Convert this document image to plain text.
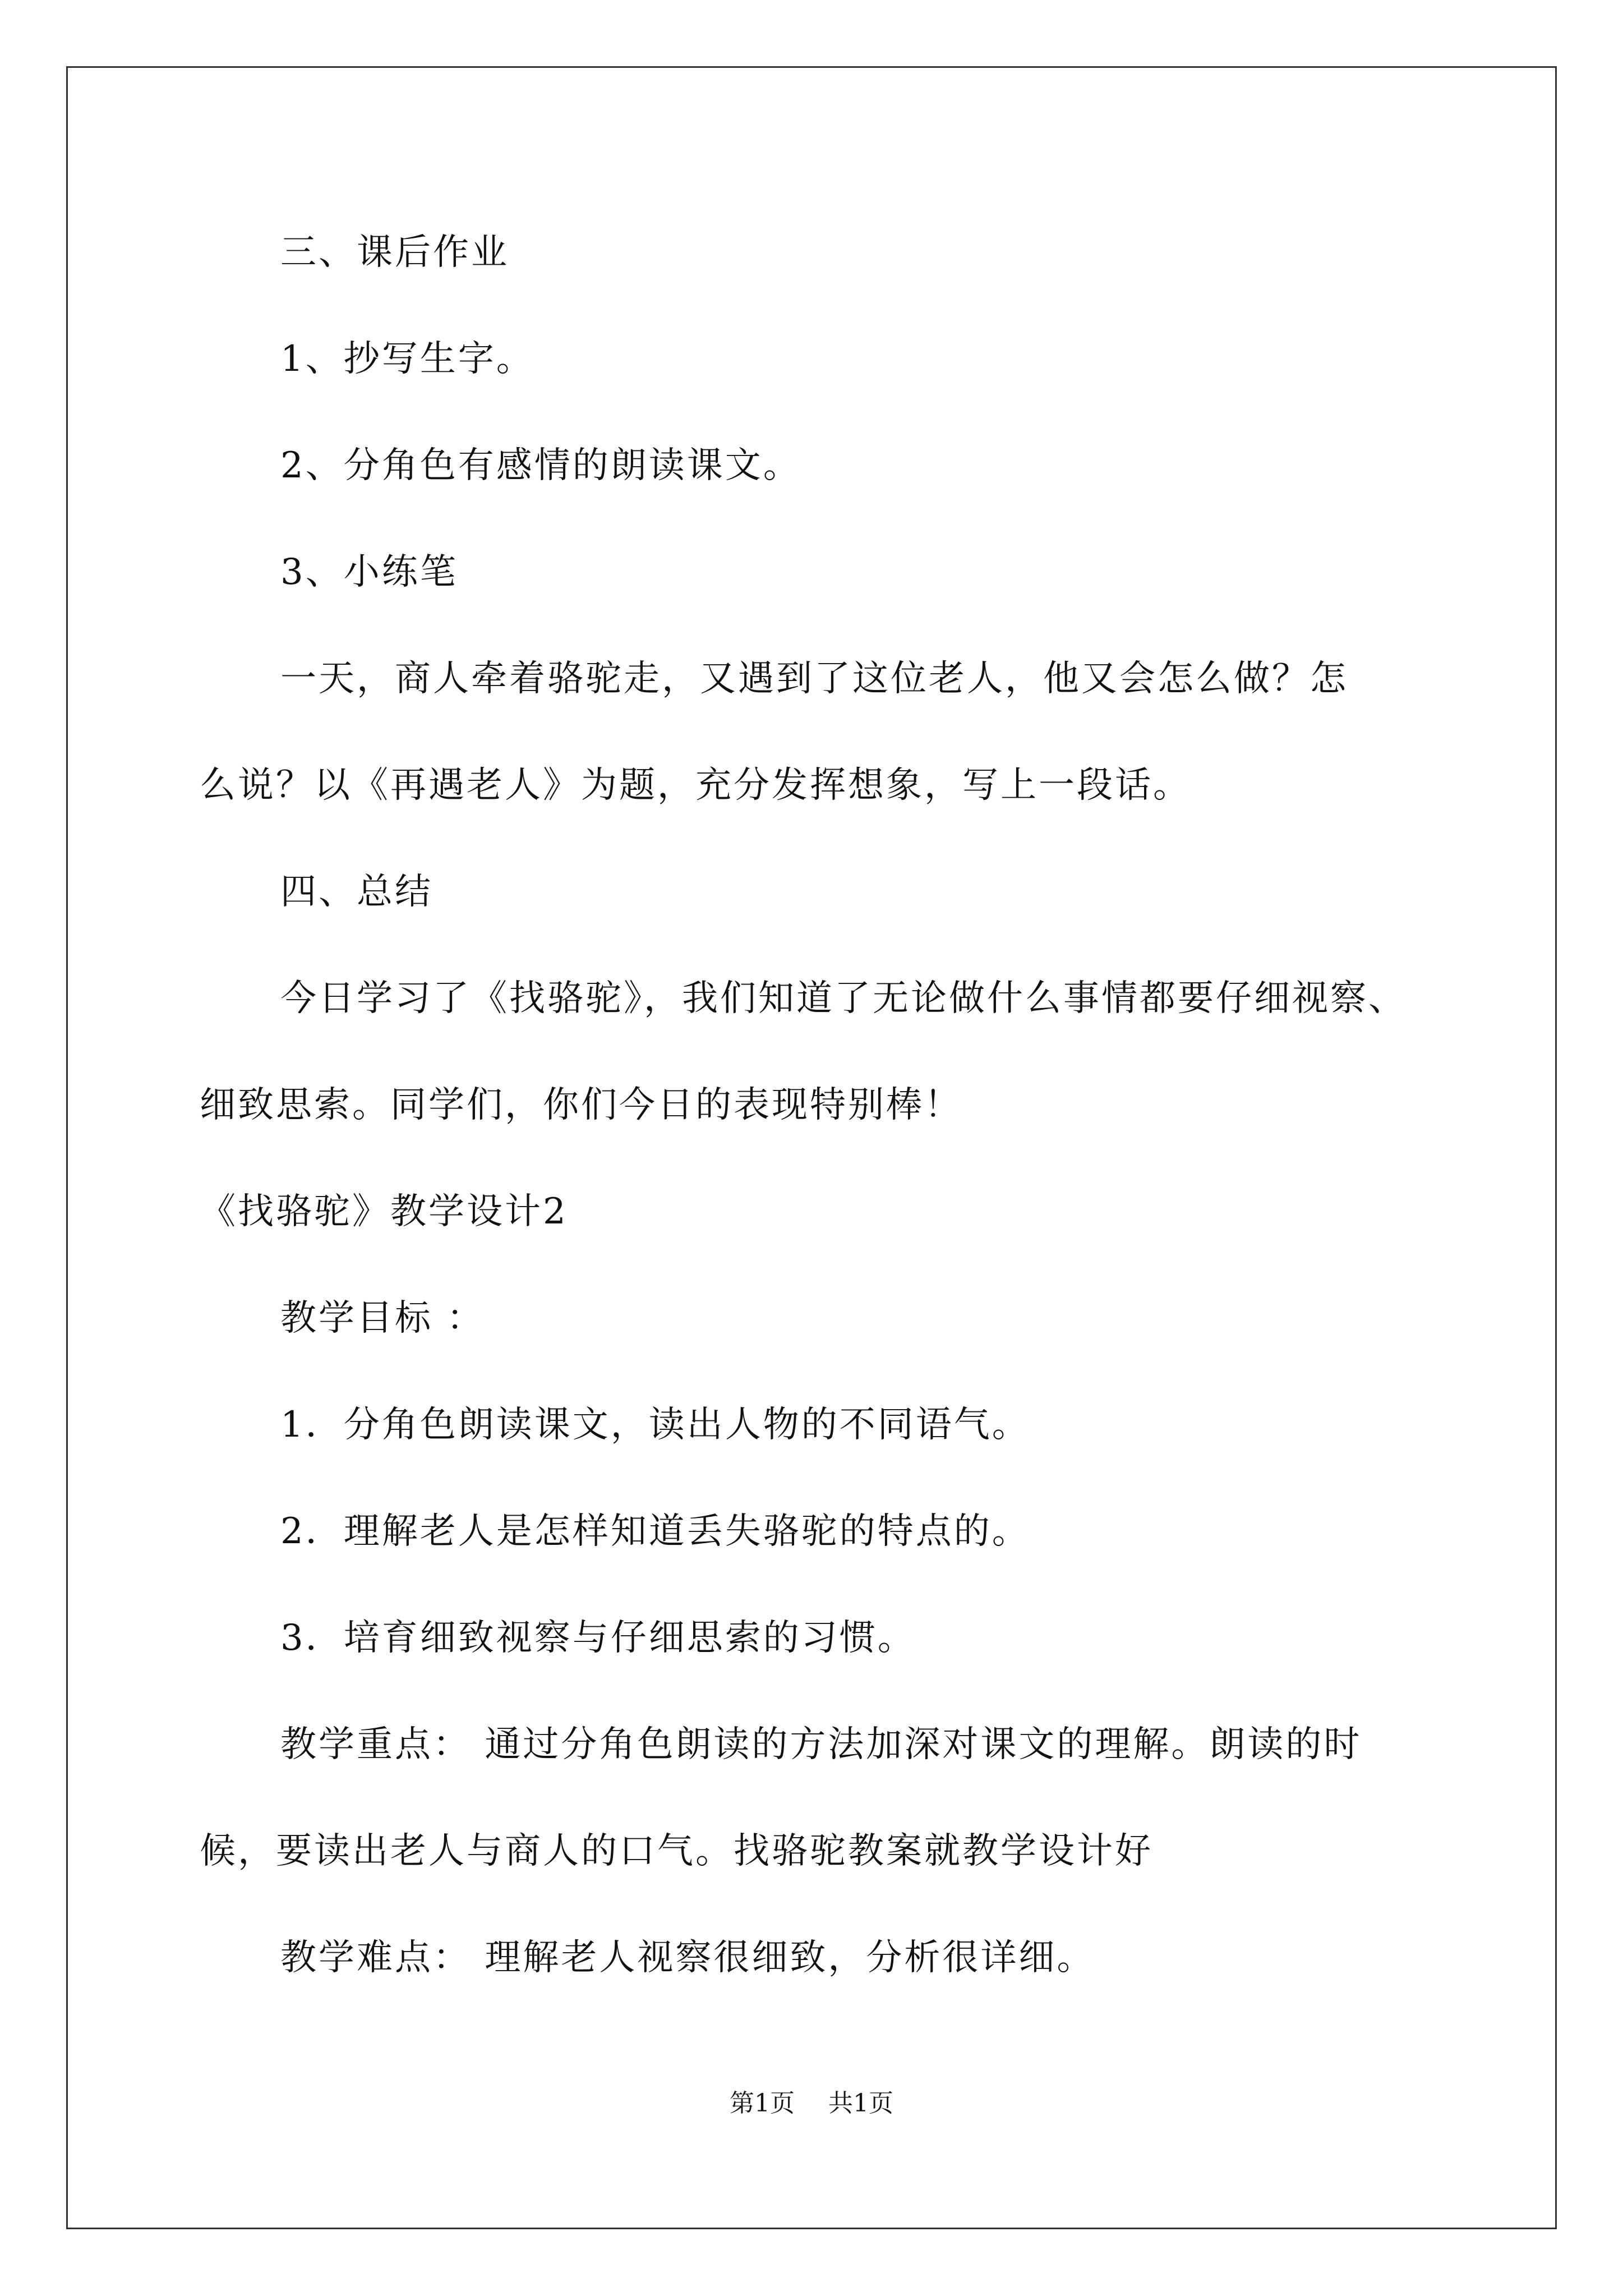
三、课后作业
1、抄写生字。
2、分角色有感情的朗读课文。
3、小练笔
一天，商人牵着骆驼走，又遇到了这位老人，他又会怎么做？怎
么说？以《再遇老人》为题，充分发挥想象，写上一段话。
四、总结
今日学习了《找骆驼》，我们知道了无论做什么事情都要仔细视察、
细致思索。同学们，你们今日的表现特别棒！
《找骆驼》教学设计2
教学目标 ：
1．分角色朗读课文，读出人物的不同语气。
2．理解老人是怎样知道丢失骆驼的特点的。
3．培育细致视察与仔细思索的习惯。
教学重点： 通过分角色朗读的方法加深对课文的理解。朗读的时
候，要读出老人与商人的口气。找骆驼教案就教学设计好
教学难点： 理解老人视察很细致，分析很详细。
第1页 共1页
